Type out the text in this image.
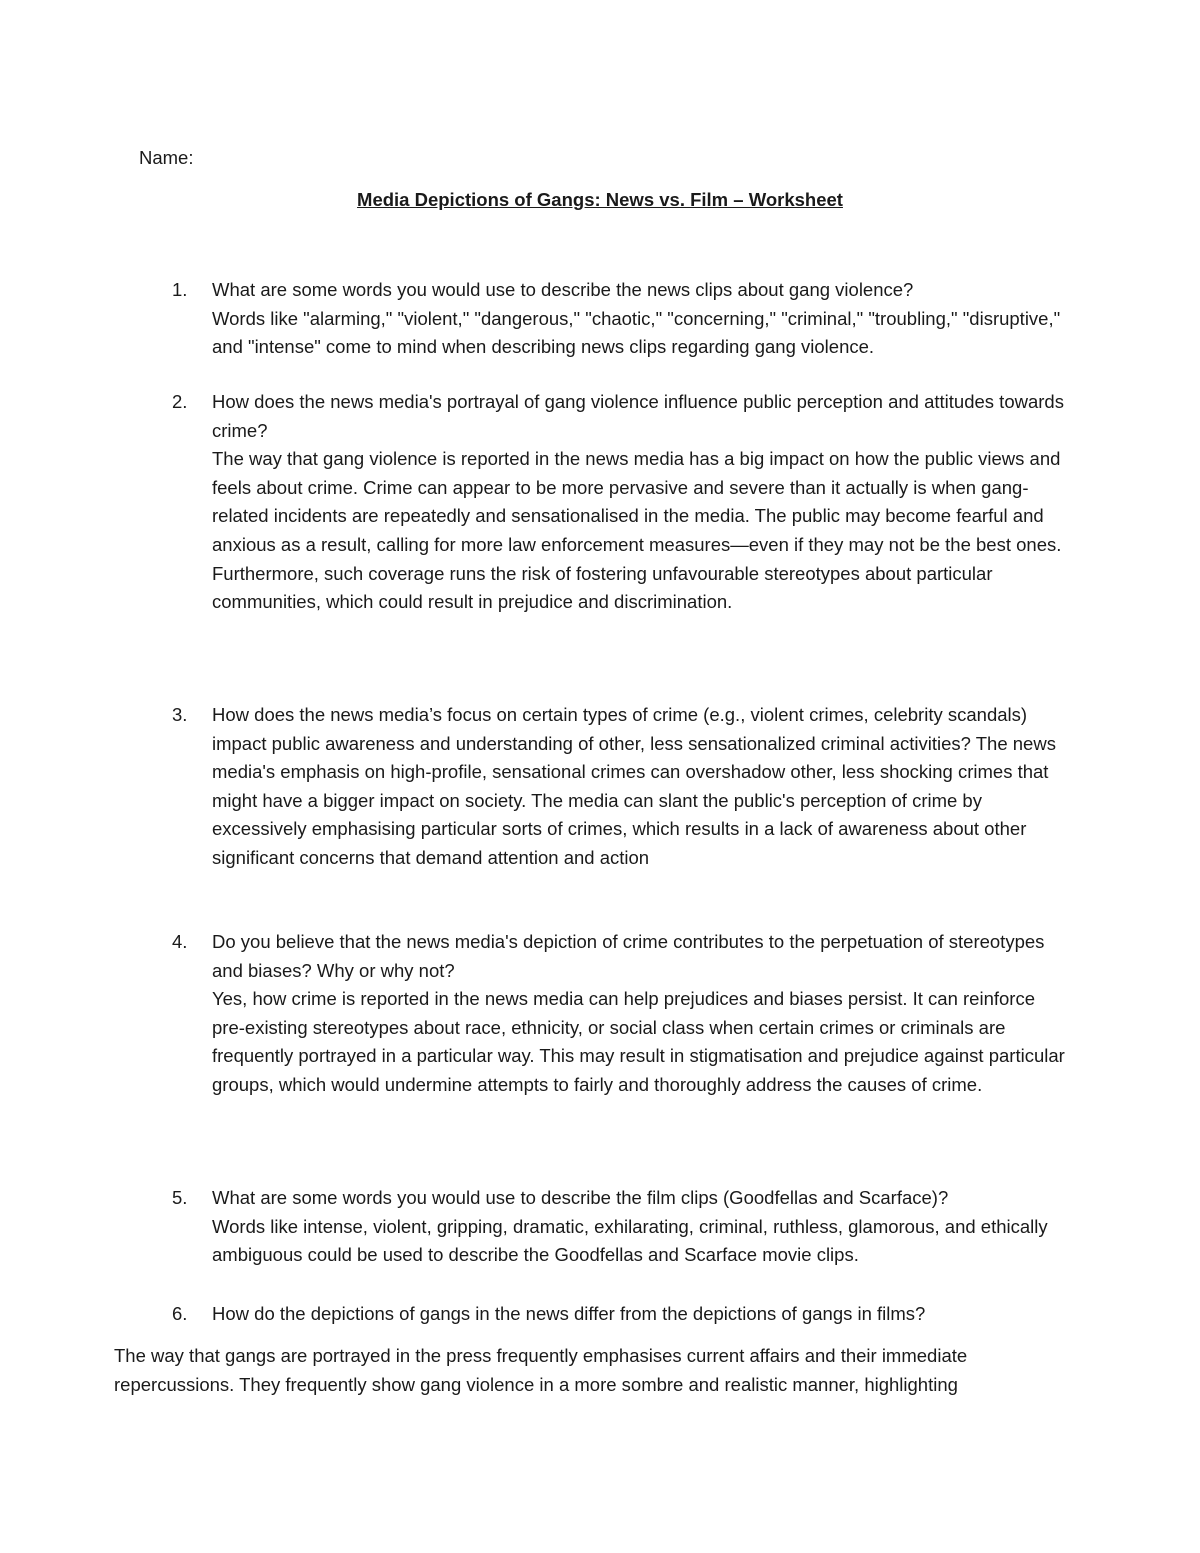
Name:

Media Depictions of Gangs: News vs. Film – Worksheet
1. What are some words you would use to describe the news clips about gang violence?
Words like "alarming," "violent," "dangerous," "chaotic," "concerning," "criminal," "troubling," "disruptive," and "intense" come to mind when describing news clips regarding gang violence.
2. How does the news media's portrayal of gang violence influence public perception and attitudes towards crime?
The way that gang violence is reported in the news media has a big impact on how the public views and feels about crime. Crime can appear to be more pervasive and severe than it actually is when gang-related incidents are repeatedly and sensationalised in the media. The public may become fearful and anxious as a result, calling for more law enforcement measures—even if they may not be the best ones. Furthermore, such coverage runs the risk of fostering unfavourable stereotypes about particular communities, which could result in prejudice and discrimination.
3. How does the news media’s focus on certain types of crime (e.g., violent crimes, celebrity scandals) impact public awareness and understanding of other, less sensationalized criminal activities? The news media's emphasis on high-profile, sensational crimes can overshadow other, less shocking crimes that might have a bigger impact on society. The media can slant the public's perception of crime by excessively emphasising particular sorts of crimes, which results in a lack of awareness about other significant concerns that demand attention and action
4. Do you believe that the news media's depiction of crime contributes to the perpetuation of stereotypes and biases? Why or why not?
Yes, how crime is reported in the news media can help prejudices and biases persist. It can reinforce pre-existing stereotypes about race, ethnicity, or social class when certain crimes or criminals are frequently portrayed in a particular way. This may result in stigmatisation and prejudice against particular groups, which would undermine attempts to fairly and thoroughly address the causes of crime.
5. What are some words you would use to describe the film clips (Goodfellas and Scarface)?
Words like intense, violent, gripping, dramatic, exhilarating, criminal, ruthless, glamorous, and ethically ambiguous could be used to describe the Goodfellas and Scarface movie clips.
6. How do the depictions of gangs in the news differ from the depictions of gangs in films?

The way that gangs are portrayed in the press frequently emphasises current affairs and their immediate repercussions. They frequently show gang violence in a more sombre and realistic manner, highlighting
